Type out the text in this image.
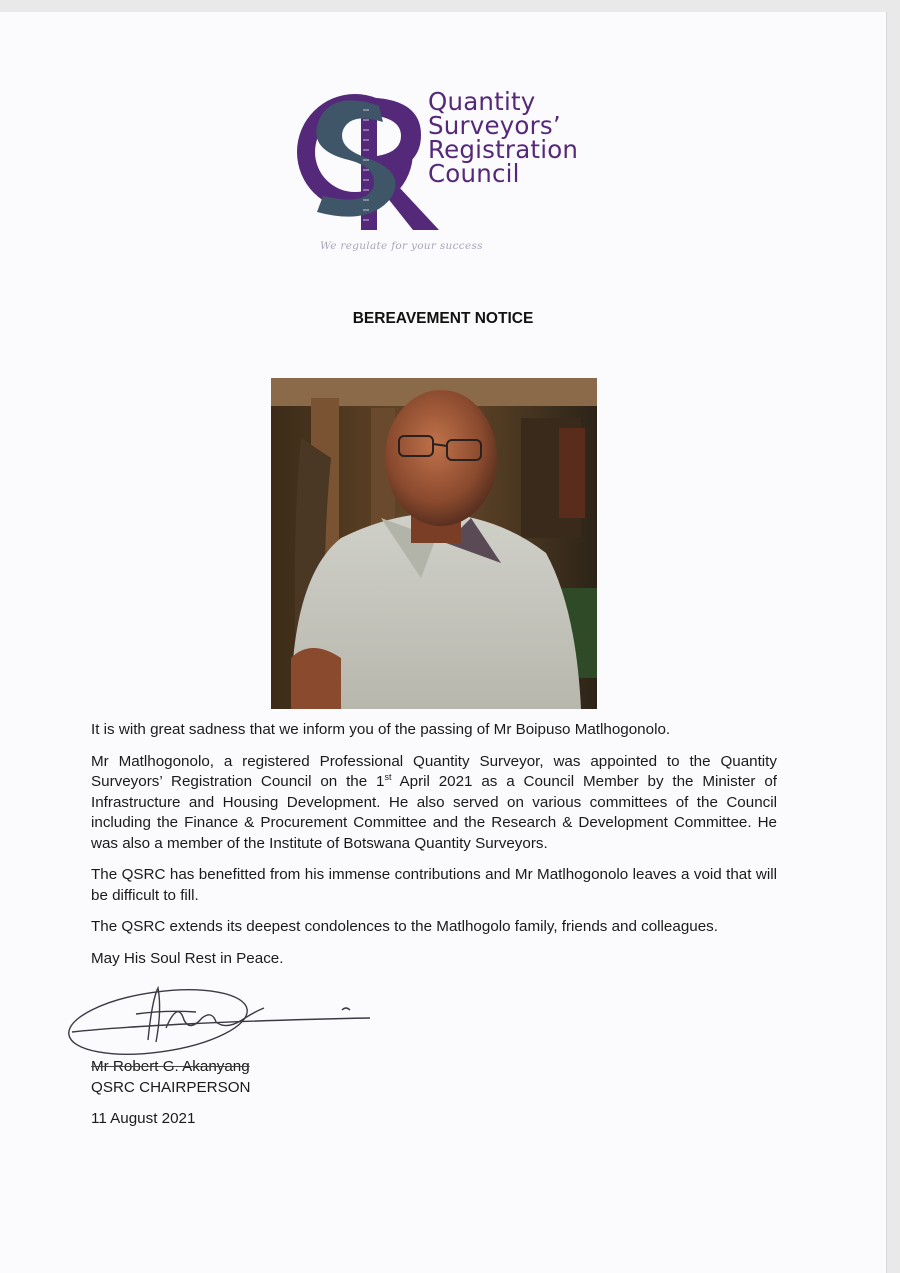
Quantity
Surveyors’
Registration
Council
We regulate for your success
BEREAVEMENT NOTICE

It is with great sadness that we inform you of the passing of Mr Boipuso Matlhogonolo.

Mr Matlhogonolo, a registered Professional Quantity Surveyor, was appointed to the Quantity Surveyors’ Registration Council on the 1st April 2021 as a Council Member by the Minister of Infrastructure and Housing Development. He also served on various committees of the Council including the Finance & Procurement Committee and the Research & Development Committee. He was also a member of the Institute of Botswana Quantity Surveyors.

The QSRC has benefitted from his immense contributions and Mr Matlhogonolo leaves a void that will be difficult to fill.

The QSRC extends its deepest condolences to the Matlhogolo family, friends and colleagues.

May His Soul Rest in Peace.

Mr Robert G. Akanyang
QSRC CHAIRPERSON
11 August 2021
